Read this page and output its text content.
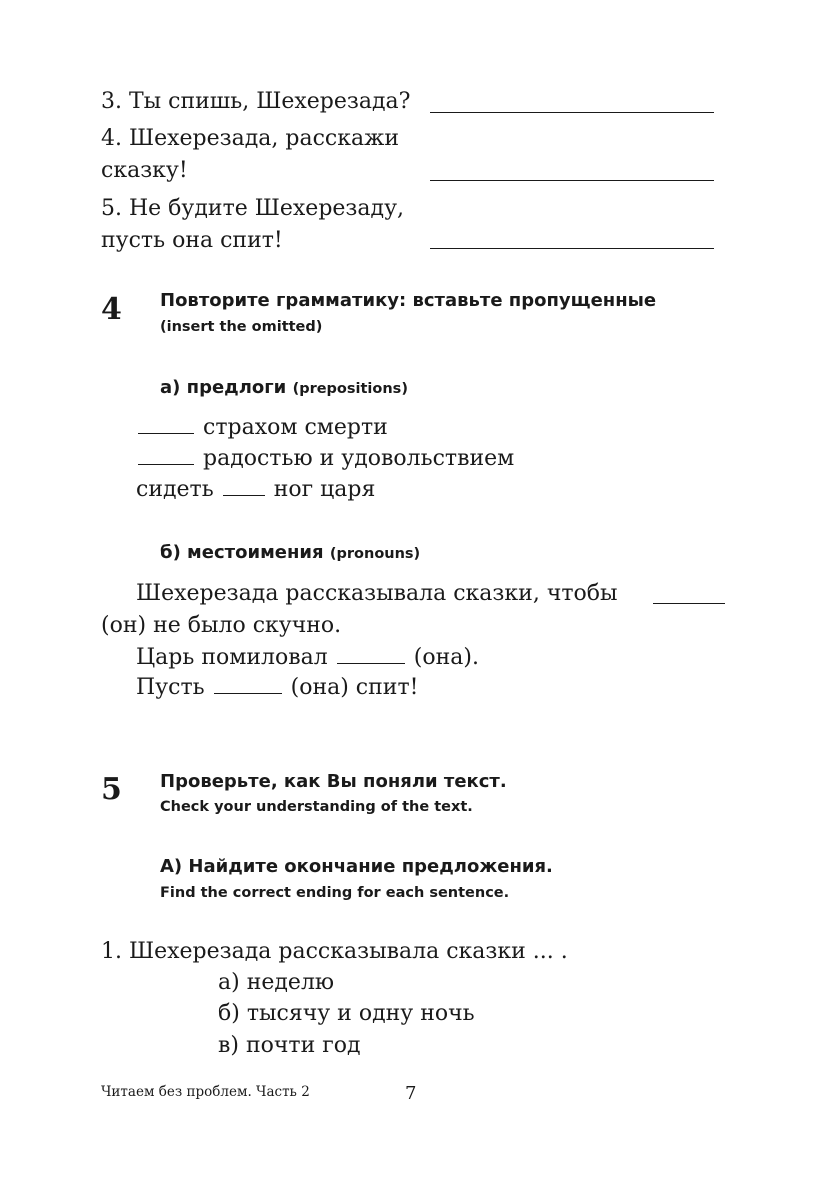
3. Ты спишь, Шехерезада?
4. Шехерезада, расскажи
сказку!
5. Не будите Шехерезаду,
пусть она спит!
4 Повторите грамматику: вставьте пропущенные
(insert the omitted)
а) предлоги (prepositions)
страхом смерти
радостью и удовольствием
сидеть	ног царя
б) местоимения (pronouns)
Шехерезада рассказывала сказки, чтобы
(он) не было скучно.
Царь помиловал	(она).
Пусть	(она) спит!
5 Проверьте, как Вы поняли текст.
Check your understanding of the text.
А) Найдите окончание предложения.
Find the correct ending for each sentence.
1. Шехерезада рассказывала сказки ... .
а) неделю
б) тысячу и одну ночь
в) почти год
Читаем без проблем. Часть 2	7
